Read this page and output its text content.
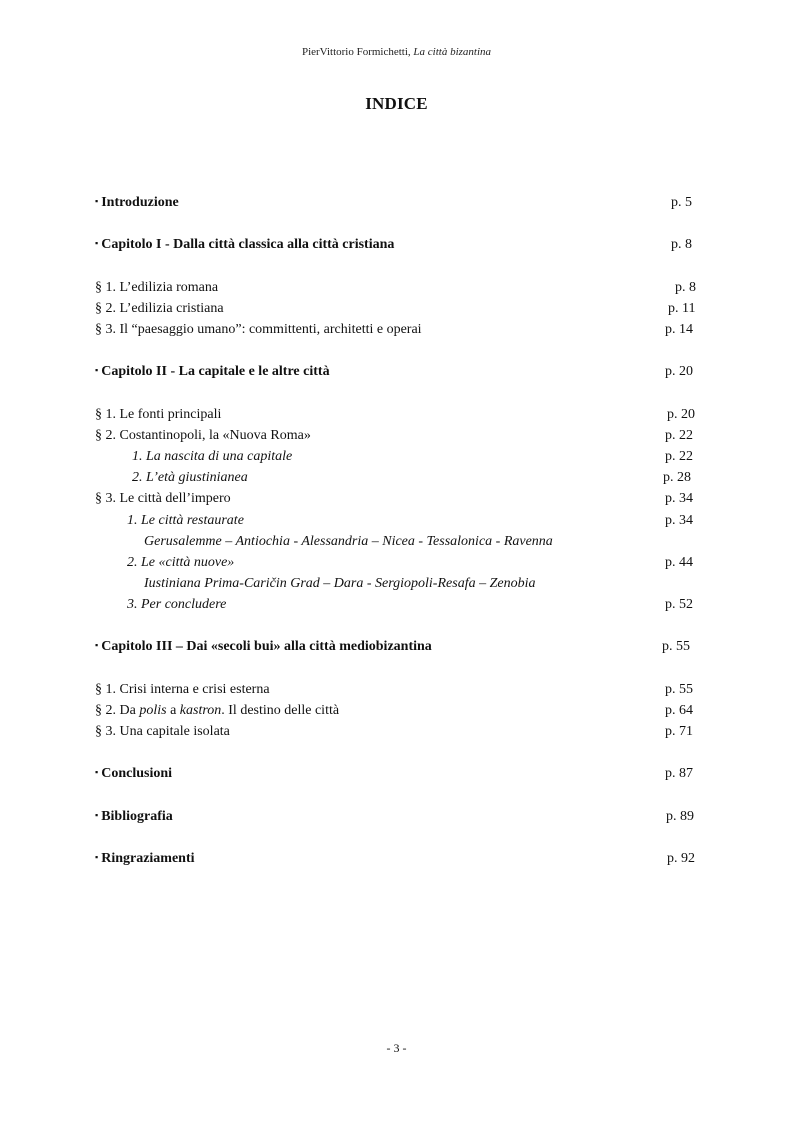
PierVittorio Formichetti, La città bizantina
INDICE
▪ Introduzione	p. 5
▪ Capitolo I - Dalla città classica alla città cristiana	p. 8
§ 1. L’edilizia romana	p. 8
§ 2. L’edilizia cristiana	p. 11
§ 3. Il “paesaggio umano”: committenti, architetti e operai	p. 14
▪ Capitolo II - La capitale e le altre città	p. 20
§ 1. Le fonti principali	p. 20
§ 2. Costantinopoli, la «Nuova Roma»	p. 22
1. La nascita di una capitale	p. 22
2. L’età giustinianea	p. 28
§ 3. Le città dell’impero	p. 34
1. Le città restaurate	p. 34
Gerusalemme – Antiochia - Alessandria – Nicea - Tessalonica - Ravenna
2. Le «città nuove»	p. 44
Iustiniana Prima-Caričin Grad – Dara - Sergiopoli-Resafa – Zenobia
3. Per concludere	p. 52
▪ Capitolo III – Dai «secoli bui» alla città mediobizantina	p. 55
§ 1. Crisi interna e crisi esterna	p. 55
§ 2. Da polis a kastron. Il destino delle città	p. 64
§ 3. Una capitale isolata	p. 71
▪ Conclusioni	p. 87
▪ Bibliografia	p. 89
▪ Ringraziamenti	p. 92
- 3 -
